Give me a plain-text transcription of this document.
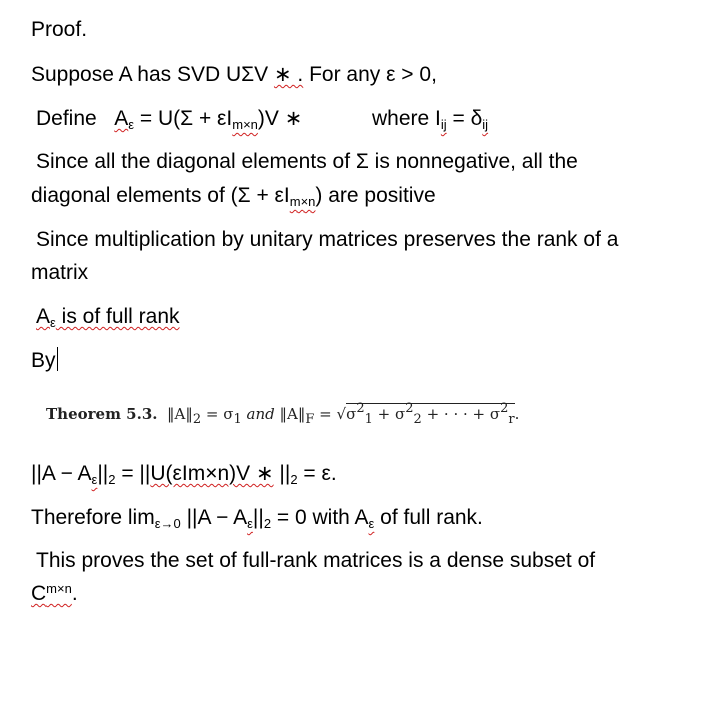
Proof.
Suppose A has SVD UΣV ∗ . For any ε > 0,
Define $A_\varepsilon = U(\Sigma + \varepsilon I_{m\times n})V$ ∗	where $I_{ij} = \delta_{ij}$
Since all the diagonal elements of Σ is nonnegative, all the
diagonal elements of $(\Sigma + \varepsilon I_{m\times n})$ are positive
Since multiplication by unitary matrices preserves the rank of a
matrix
$A_\varepsilon$ is of full rank
By
Theorem 5.3. $‖A‖_2 = \sigma_1$ and $‖A‖_F = √\sigma^2_1 + \sigma^2_2$ + · · · + $\sigma^2_r$.
$||A - A_\varepsilon||_2 = ||U(\varepsilon Im\times n)V$ ∗ $||_2 = \varepsilon$.
Therefore $\lim_{\varepsilon\to 0} ||A - A_\varepsilon||_2 = 0$ with $A_\varepsilon$ of full rank.
This proves the set of full-rank matrices is a dense subset of
$C^{m\times n}$.
